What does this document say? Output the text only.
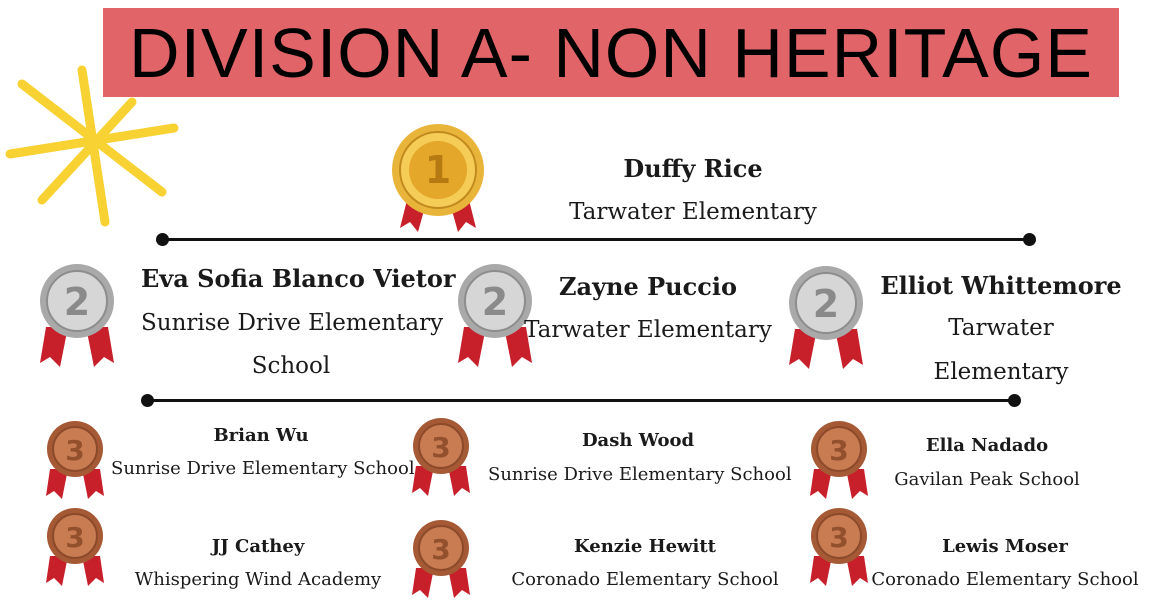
DIVISION A- NON HERITAGE
1
2	2	2
3	3	3
3	3	3
Duffy Rice
Tarwater Elementary
Eva Sofia Blanco Vietor
Sunrise Drive Elementary
School
Zayne Puccio
Tarwater Elementary
Elliot Whittemore
Tarwater
Elementary
Brian Wu
Sunrise Drive Elementary School
Dash Wood
Sunrise Drive Elementary School
Ella Nadado
Gavilan Peak School
JJ Cathey
Whispering Wind Academy
Kenzie Hewitt
Coronado Elementary School
Lewis Moser
Coronado Elementary School
